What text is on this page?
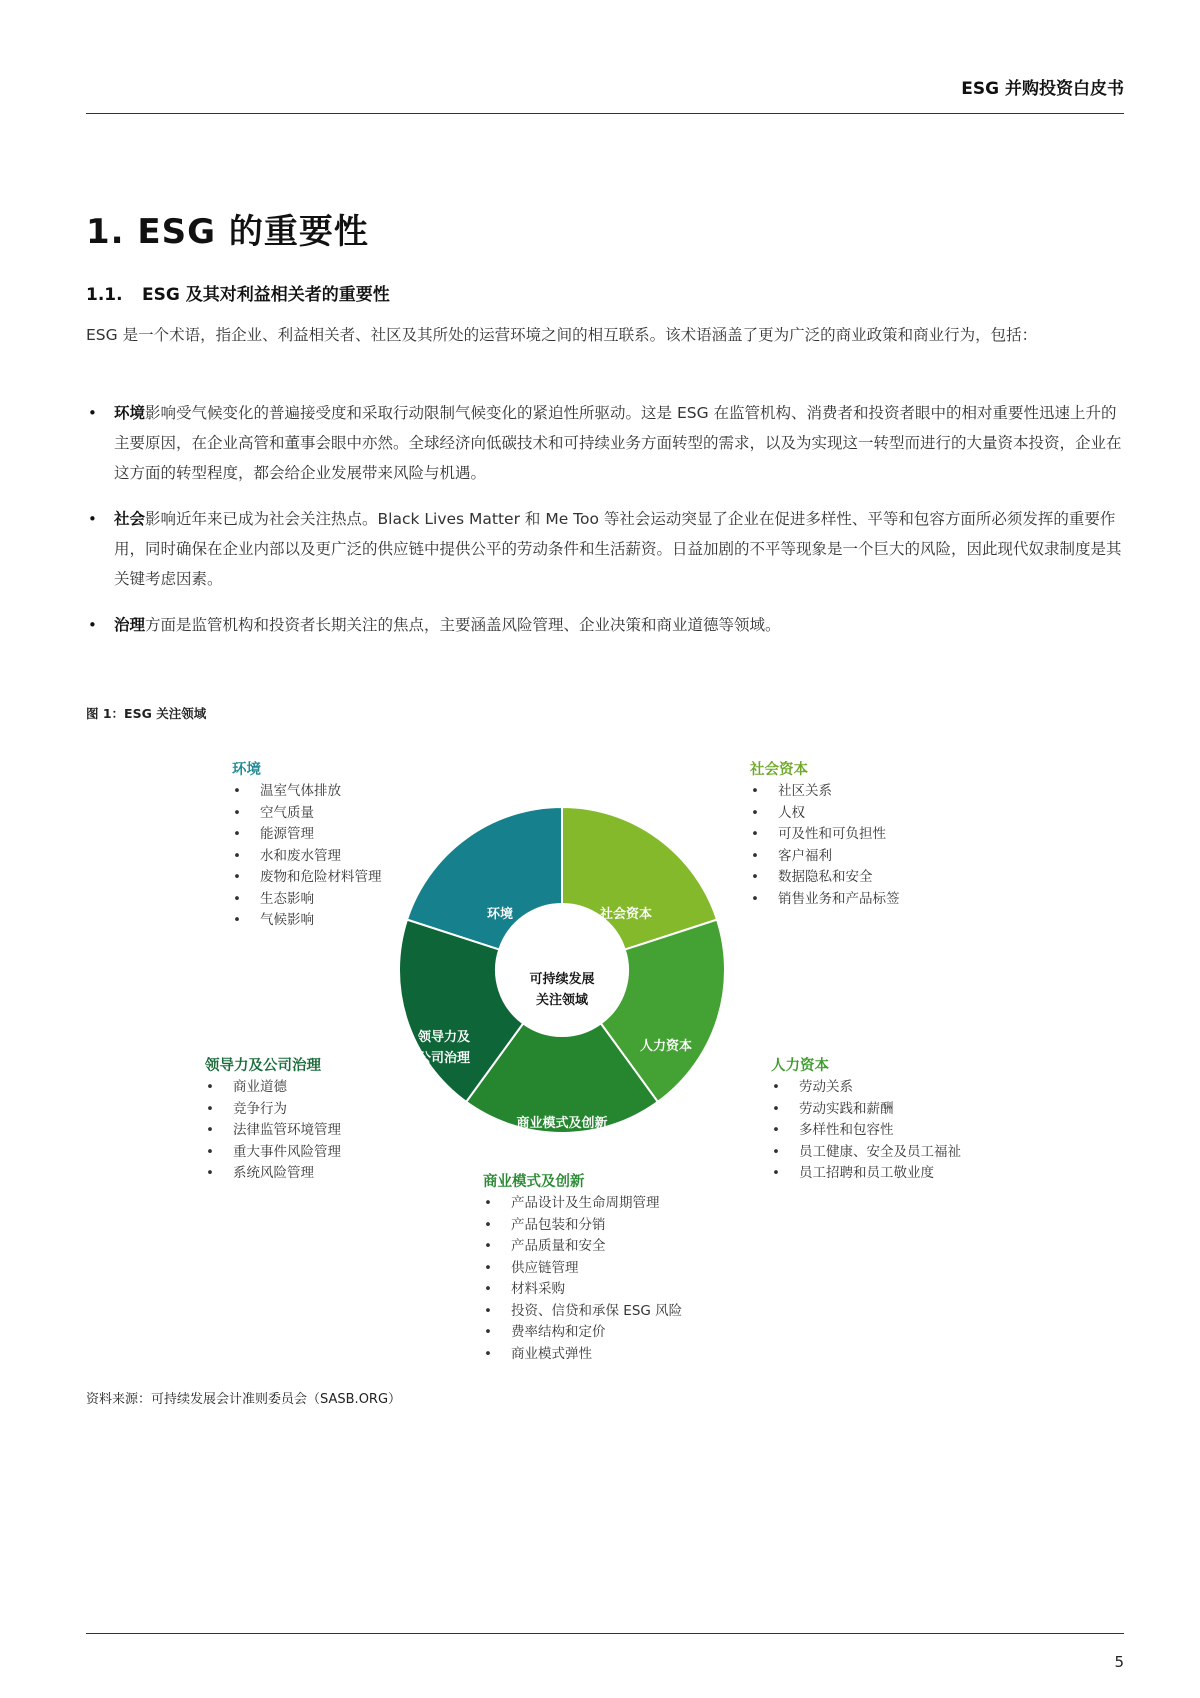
ESG 并购投资白皮书
1. ESG 的重要性
1.1. ESG 及其对利益相关者的重要性

ESG 是一个术语，指企业、利益相关者、社区及其所处的运营环境之间的相互联系。该术语涵盖了更为广泛的商业政策和商业行为，包括：

• 环境影响受气候变化的普遍接受度和采取行动限制气候变化的紧迫性所驱动。这是 ESG 在监管机构、消费者和投资者眼中的相对重要性迅速上升的主要原因，在企业高管和董事会眼中亦然。全球经济向低碳技术和可持续业务方面转型的需求，以及为实现这一转型而进行的大量资本投资，企业在这方面的转型程度，都会给企业发展带来风险与机遇。
• 社会影响近年来已成为社会关注热点。Black Lives Matter 和 Me Too 等社会运动突显了企业在促进多样性、平等和包容方面所必须发挥的重要作用，同时确保在企业内部以及更广泛的供应链中提供公平的劳动条件和生活薪资。日益加剧的不平等现象是一个巨大的风险，因此现代奴隶制度是其关键考虑因素。
• 治理方面是监管机构和投资者长期关注的焦点，主要涵盖风险管理、企业决策和商业道德等领域。
图 1：ESG 关注领域
环境	社会资本
人力资本
商业模式及创新
领导力及
公司治理
可持续发展
关注领域
环境
• 温室气体排放
• 空气质量
• 能源管理
• 水和废水管理
• 废物和危险材料管理
• 生态影响
• 气候影响
社会资本
• 社区关系
• 人权
• 可及性和可负担性
• 客户福利
• 数据隐私和安全
• 销售业务和产品标签
领导力及公司治理
• 商业道德
• 竞争行为
• 法律监管环境管理
• 重大事件风险管理
• 系统风险管理
人力资本
• 劳动关系
• 劳动实践和薪酬
• 多样性和包容性
• 员工健康、安全及员工福祉
• 员工招聘和员工敬业度
商业模式及创新
• 产品设计及生命周期管理
• 产品包装和分销
• 产品质量和安全
• 供应链管理
• 材料采购
• 投资、信贷和承保 ESG 风险
• 费率结构和定价
• 商业模式弹性
资料来源：可持续发展会计准则委员会（SASB.ORG）
5
